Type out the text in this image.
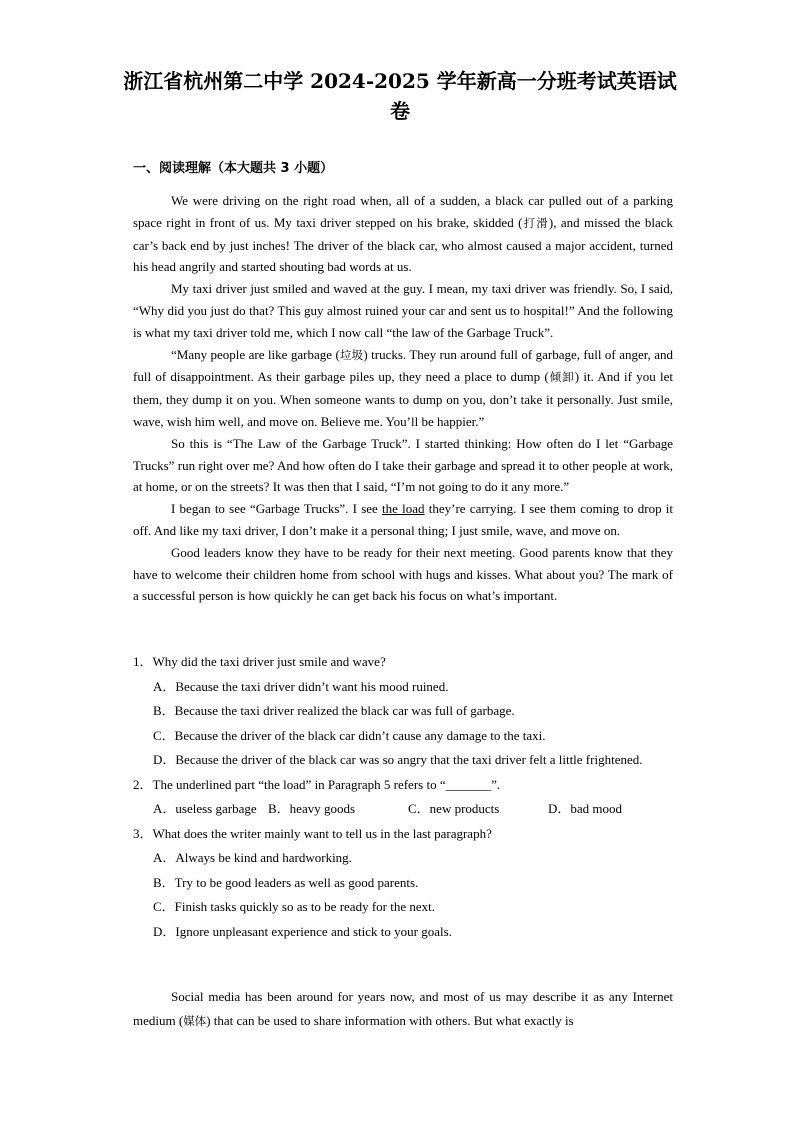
浙江省杭州第二中学 2024-2025 学年新高一分班考试英语试卷
一、阅读理解（本大题共 3 小题）

We were driving on the right road when, all of a sudden, a black car pulled out of a parking space right in front of us. My taxi driver stepped on his brake, skidded (打滑), and missed the black car’s back end by just inches! The driver of the black car, who almost caused a major accident, turned his head angrily and started shouting bad words at us.

My taxi driver just smiled and waved at the guy. I mean, my taxi driver was friendly. So, I said, “Why did you just do that? This guy almost ruined your car and sent us to hospital!” And the following is what my taxi driver told me, which I now call “the law of the Garbage Truck”.

“Many people are like garbage (垃圾) trucks. They run around full of garbage, full of anger, and full of disappointment. As their garbage piles up, they need a place to dump (倾卸) it. And if you let them, they dump it on you. When someone wants to dump on you, don’t take it personally. Just smile, wave, wish him well, and move on. Believe me. You’ll be happier.”

So this is “The Law of the Garbage Truck”. I started thinking: How often do I let “Garbage Trucks” run right over me? And how often do I take their garbage and spread it to other people at work, at home, or on the streets? It was then that I said, “I’m not going to do it any more.”

I began to see “Garbage Trucks”. I see the load they’re carrying. I see them coming to drop it off. And like my taxi driver, I don’t make it a personal thing; I just smile, wave, and move on.

Good leaders know they have to be ready for their next meeting. Good parents know that they have to welcome their children home from school with hugs and kisses. What about you? The mark of a successful person is how quickly he can get back his focus on what’s important.

1．Why did the taxi driver just smile and wave?

A．Because the taxi driver didn’t want his mood ruined.

B．Because the taxi driver realized the black car was full of garbage.

C．Because the driver of the black car didn’t cause any damage to the taxi.

D．Because the driver of the black car was so angry that the taxi driver felt a little frightened.

2．The underlined part “the load” in Paragraph 5 refers to “_______”.

A．useless garbage B．heavy goods	C．new products	D．bad mood

3．What does the writer mainly want to tell us in the last paragraph?

A．Always be kind and hardworking.

B．Try to be good leaders as well as good parents.

C．Finish tasks quickly so as to be ready for the next.

D．Ignore unpleasant experience and stick to your goals.

Social media has been around for years now, and most of us may describe it as any Internet medium (媒体) that can be used to share information with others. But what exactly is
